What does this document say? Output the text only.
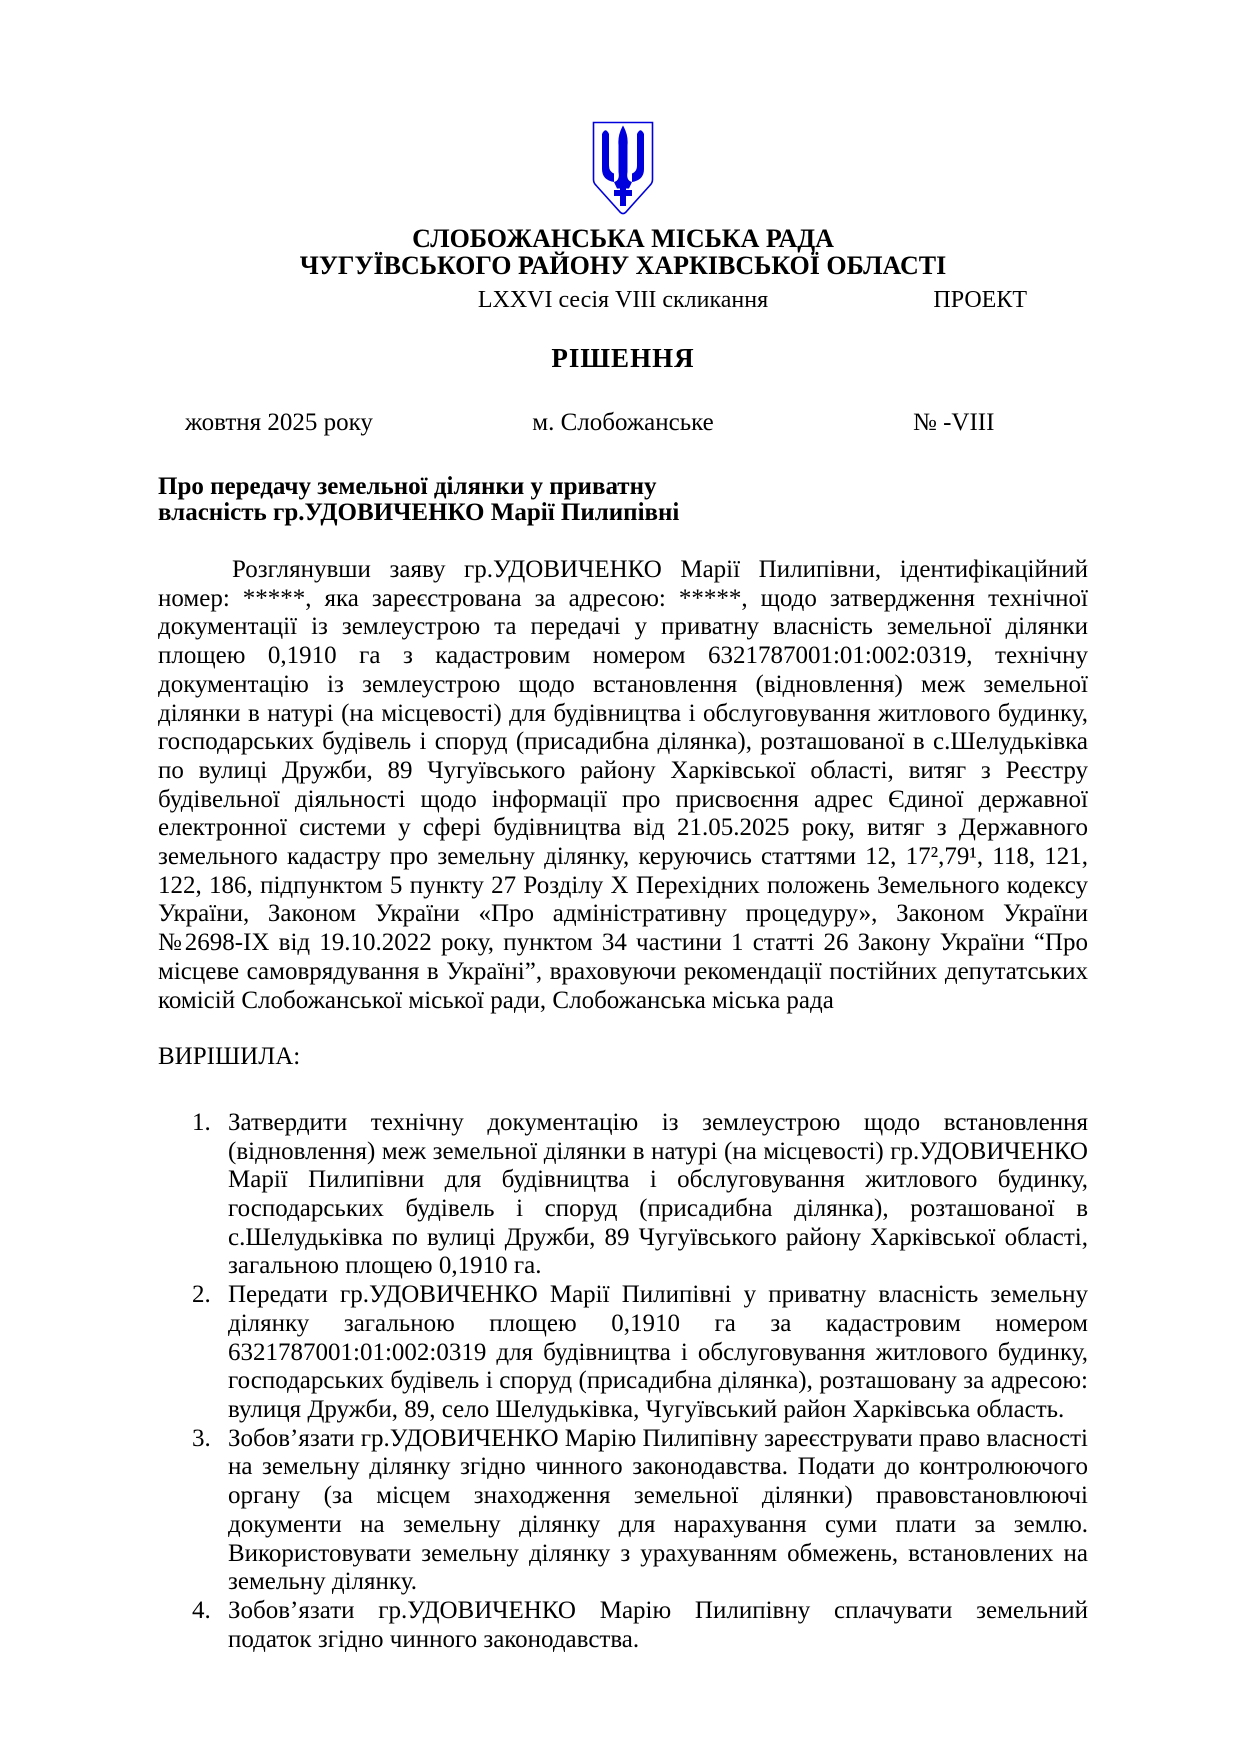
СЛОБОЖАНСЬКА МІСЬКА РАДА
ЧУГУЇВСЬКОГО РАЙОНУ ХАРКІВСЬКОЇ ОБЛАСТІ
LXXVI сесія VIII скликання	ПРОЕКТ
РІШЕННЯ
жовтня 2025 року	м. Слобожанське	№ -VIII
Про передачу земельної ділянки у приватну
власність гр.УДОВИЧЕНКО Марії Пилипівні

Розглянувши заяву гр.УДОВИЧЕНКО Марії Пилипівни, ідентифікаційний номер: *****, яка зареєстрована за адресою: *****, щодо затвердження технічної документації із землеустрою та передачі у приватну власність земельної ділянки площею 0,1910 га з кадастровим номером 6321787001:01:002:0319, технічну документацію із землеустрою щодо встановлення (відновлення) меж земельної ділянки в натурі (на місцевості) для будівництва і обслуговування житлового будинку, господарських будівель і споруд (присадибна ділянка), розташованої в с.Шелудьківка по вулиці Дружби, 89 Чугуївського району Харківської області, витяг з Реєстру будівельної діяльності щодо інформації про присвоєння адрес Єдиної державної електронної системи у сфері будівництва від 21.05.2025 року, витяг з Державного земельного кадастру про земельну ділянку, керуючись статтями 12, 17²,79¹, 118, 121, 122, 186, підпунктом 5 пункту 27 Розділу X Перехідних положень Земельного кодексу України, Законом України «Про адміністративну процедуру», Законом України №2698-IX від 19.10.2022 року, пунктом 34 частини 1 статті 26 Закону України “Про місцеве самоврядування в Україні”, враховуючи рекомендації постійних депутатських комісій Слобожанської міської ради, Слобожанська міська рада

ВИРІШИЛА:

1. Затвердити технічну документацію із землеустрою щодо встановлення (відновлення) меж земельної ділянки в натурі (на місцевості) гр.УДОВИЧЕНКО Марії Пилипівни для будівництва і обслуговування житлового будинку, господарських будівель і споруд (присадибна ділянка), розташованої в с.Шелудьківка по вулиці Дружби, 89 Чугуївського району Харківської області, загальною площею 0,1910 га.
2. Передати гр.УДОВИЧЕНКО Марії Пилипівні у приватну власність земельну ділянку загальною площею 0,1910 га за кадастровим номером 6321787001:01:002:0319 для будівництва і обслуговування житлового будинку, господарських будівель і споруд (присадибна ділянка), розташовану за адресою: вулиця Дружби, 89, село Шелудьківка, Чугуївський район Харківська область.
3. Зобов’язати гр.УДОВИЧЕНКО Марію Пилипівну зареєструвати право власності на земельну ділянку згідно чинного законодавства. Подати до контролюючого органу (за місцем знаходження земельної ділянки) правовстановлюючі документи на земельну ділянку для нарахування суми плати за землю. Використовувати земельну ділянку з урахуванням обмежень, встановлених на земельну ділянку.
4. Зобов’язати гр.УДОВИЧЕНКО Марію Пилипівну сплачувати земельний податок згідно чинного законодавства.
